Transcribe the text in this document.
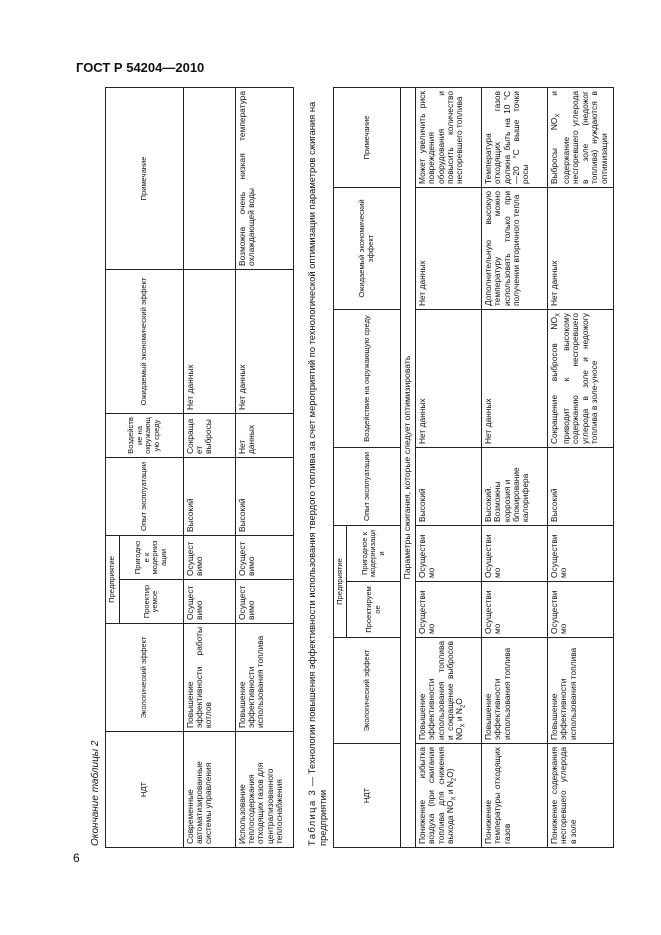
ГОСТ Р 54204—2010
Окончание таблицы 2	НДТ	Экологический эффект	Предприятие		Опыт эксплуатации	Воздействие на окружающую среду	Ожидаемый экономический эффект	Примечание
		Проектируемое	Пригодное к модернизации				
Современные автоматизированные системы управления	Повышение эффективности работы котлов	Осуществимо	Осуществимо	Высокий	Сокращает выбросы	Нет данных	
Использование теплосодержания отходящих газов для централизованного теплоснабжения	Повышение эффективности использования топлива	Осуществимо	Осуществимо	Высокий	Нет данных	Нет данных	Возможна очень низкая температура охлаждающей воды
Таблица 3 — Технологии повышения эффективности использования твердого топлива за счет мероприятий по технологической оптимизации параметров сжигания на предприятии	НДТ	Экологический эффект	Предприятие		Опыт эксплуатации	Воздействие на окружающую среду	Ожидаемый экономический эффект	Примечание
		Проектируемое	Пригодное к модернизации				
Параметры сжигания, которые следует оптимизировать							
Понижение избытка воздуха (при сжигании топлива для снижения выхода $NO_X$ и $N_2O$)	Повышение эффективности использования топлива и сокращение выбросов $NO_X$ и $N_2O$	Осуществимо	Осуществимо	Высокий	Нет данных	Нет данных	Может увеличить риск повреждения оборудования и повысить количество несгоревшего топлива
Понижение температуры отходящих газов	Повышение эффективности использования топлива	Осуществимо	Осуществимо	Высокий. Возможны коррозия и блокирование калорифера	Нет данных	Дополнительную высокую температуру можно использовать только при получении вторичного тепла	Температура отходящих газов должна быть на 10 °C—20 °C выше точки росы
Понижение содержания несгоревшего углерода в золе	Повышение эффективности использования топлива	Осуществимо	Осуществимо	Высокий	Сокращение выбросов $NO_X$ приводит к высокому содержанию несгоревшего углерода в золе и недожогу топлива в золе-уносе	Нет данных	Выбросы $NO_X$ и содержание несгоревшего углерода в золе (недожог топлива) нуждаются в оптимизации
6
